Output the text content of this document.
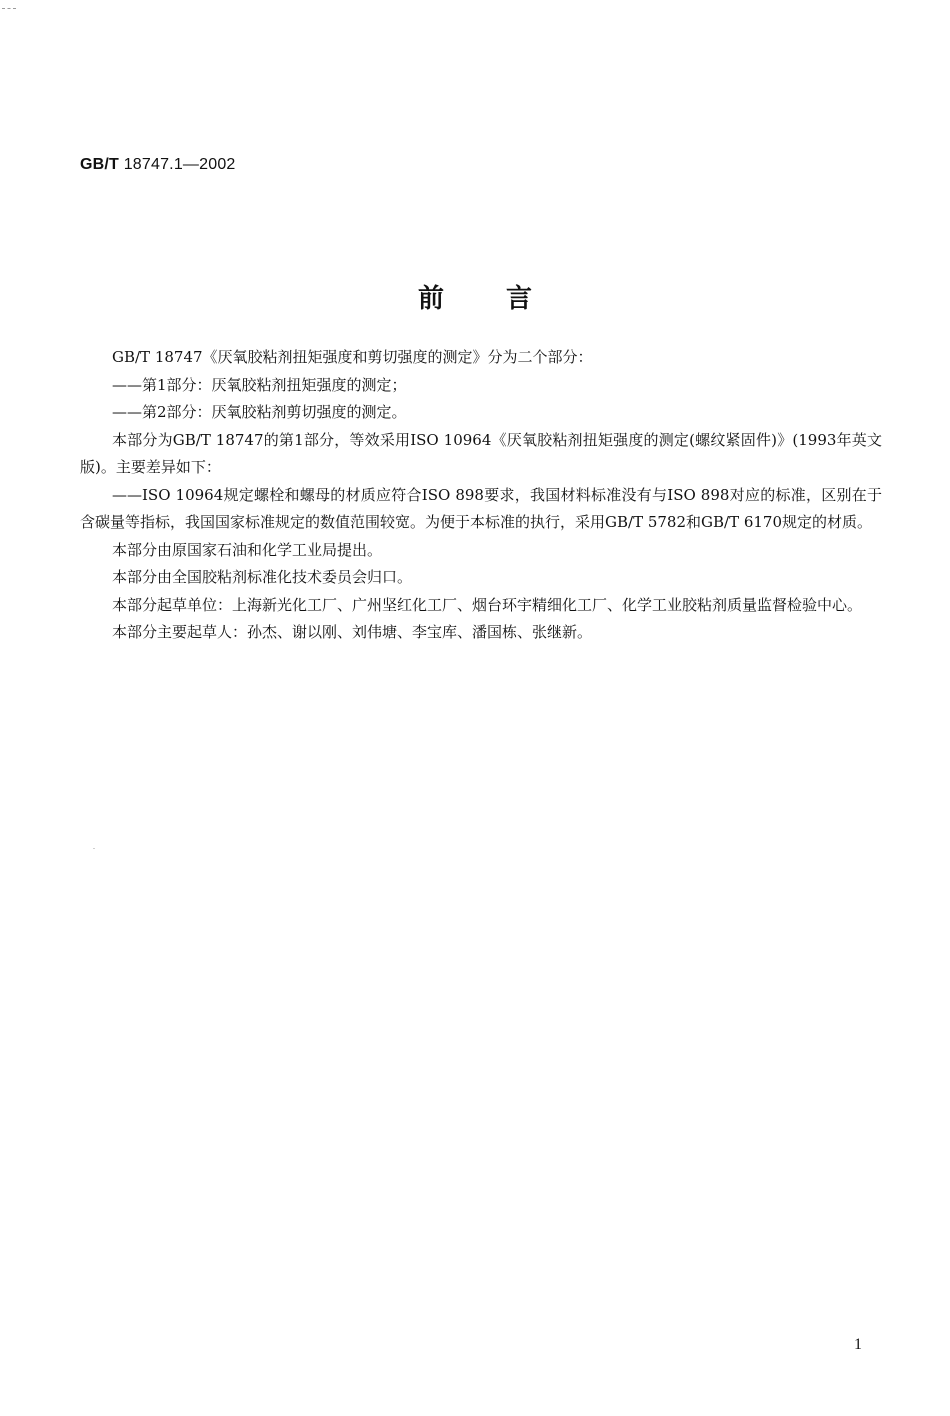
GB/T 18747.1—2002
前言

GB/T 18747《厌氧胶粘剂扭矩强度和剪切强度的测定》分为二个部分：

——第1部分：厌氧胶粘剂扭矩强度的测定；

——第2部分：厌氧胶粘剂剪切强度的测定。

本部分为GB/T 18747的第1部分，等效采用ISO 10964《厌氧胶粘剂扭矩强度的测定(螺纹紧固件)》(1993年英文版)。主要差异如下：

——ISO 10964规定螺栓和螺母的材质应符合ISO 898要求，我国材料标准没有与ISO 898对应的标准，区别在于含碳量等指标，我国国家标准规定的数值范围较宽。为便于本标准的执行，采用GB/T 5782和GB/T 6170规定的材质。

本部分由原国家石油和化学工业局提出。

本部分由全国胶粘剂标准化技术委员会归口。

本部分起草单位：上海新光化工厂、广州坚红化工厂、烟台环宇精细化工厂、化学工业胶粘剂质量监督检验中心。

本部分主要起草人：孙杰、谢以刚、刘伟塘、李宝库、潘国栋、张继新。

1
